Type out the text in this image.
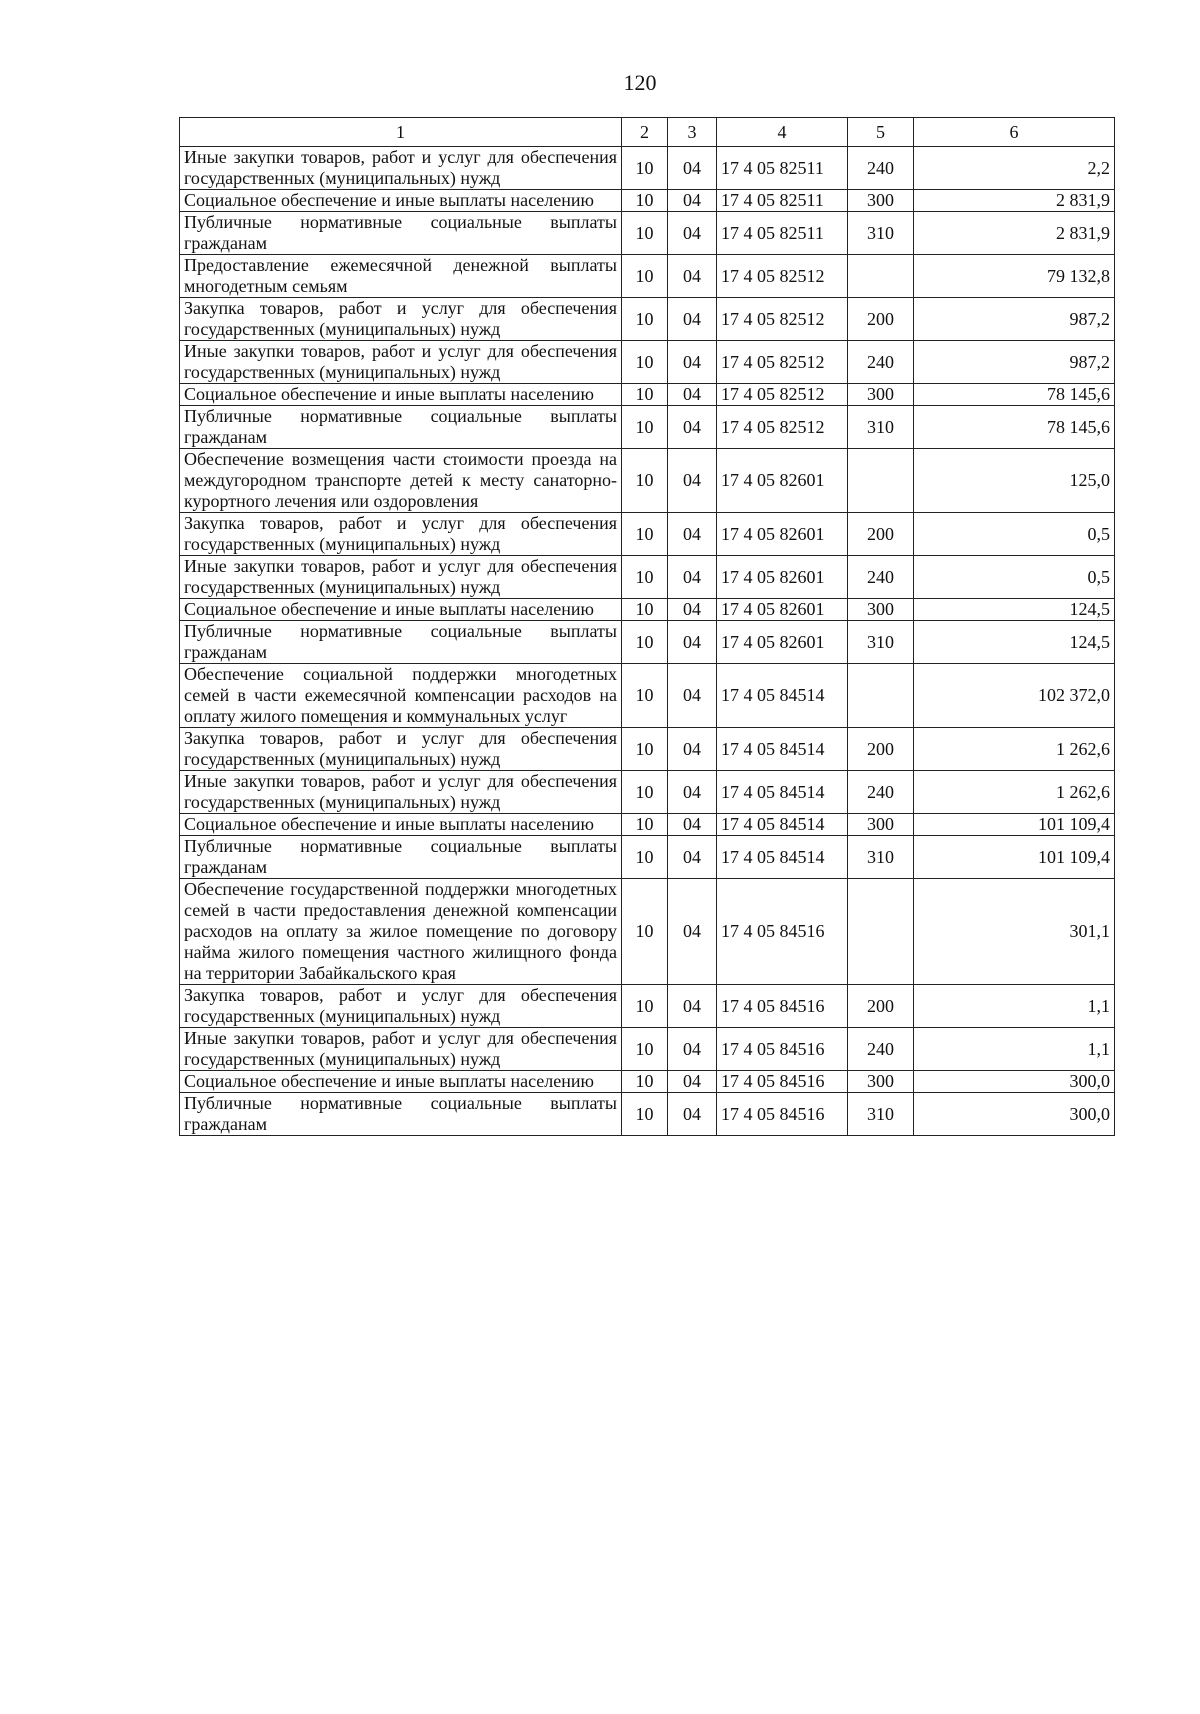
120
1	2	3	4	5	6
Иные закупки товаров, работ и услуг для обеспечения государственных (муниципальных) нужд	10	04	17 4 05 82511	240	2,2
Социальное обеспечение и иные выплаты населению	10	04	17 4 05 82511	300	2 831,9
Публичные нормативные социальные выплаты гражданам	10	04	17 4 05 82511	310	2 831,9
Предоставление ежемесячной денежной выплаты многодетным семьям	10	04	17 4 05 82512		79 132,8
Закупка товаров, работ и услуг для обеспечения государственных (муниципальных) нужд	10	04	17 4 05 82512	200	987,2
Иные закупки товаров, работ и услуг для обеспечения государственных (муниципальных) нужд	10	04	17 4 05 82512	240	987,2
Социальное обеспечение и иные выплаты населению	10	04	17 4 05 82512	300	78 145,6
Публичные нормативные социальные выплаты гражданам	10	04	17 4 05 82512	310	78 145,6
Обеспечение возмещения части стоимости проезда на междугородном транспорте детей к месту санаторно-курортного лечения или оздоровления	10	04	17 4 05 82601		125,0
Закупка товаров, работ и услуг для обеспечения государственных (муниципальных) нужд	10	04	17 4 05 82601	200	0,5
Иные закупки товаров, работ и услуг для обеспечения государственных (муниципальных) нужд	10	04	17 4 05 82601	240	0,5
Социальное обеспечение и иные выплаты населению	10	04	17 4 05 82601	300	124,5
Публичные нормативные социальные выплаты гражданам	10	04	17 4 05 82601	310	124,5
Обеспечение социальной поддержки многодетных семей в части ежемесячной компенсации расходов на оплату жилого помещения и коммунальных услуг	10	04	17 4 05 84514		102 372,0
Закупка товаров, работ и услуг для обеспечения государственных (муниципальных) нужд	10	04	17 4 05 84514	200	1 262,6
Иные закупки товаров, работ и услуг для обеспечения государственных (муниципальных) нужд	10	04	17 4 05 84514	240	1 262,6
Социальное обеспечение и иные выплаты населению	10	04	17 4 05 84514	300	101 109,4
Публичные нормативные социальные выплаты гражданам	10	04	17 4 05 84514	310	101 109,4
Обеспечение государственной поддержки многодетных семей в части предоставления денежной компенсации расходов на оплату за жилое помещение по договору найма жилого помещения частного жилищного фонда на территории Забайкальского края	10	04	17 4 05 84516		301,1
Закупка товаров, работ и услуг для обеспечения государственных (муниципальных) нужд	10	04	17 4 05 84516	200	1,1
Иные закупки товаров, работ и услуг для обеспечения государственных (муниципальных) нужд	10	04	17 4 05 84516	240	1,1
Социальное обеспечение и иные выплаты населению	10	04	17 4 05 84516	300	300,0
Публичные нормативные социальные выплаты гражданам	10	04	17 4 05 84516	310	300,0
